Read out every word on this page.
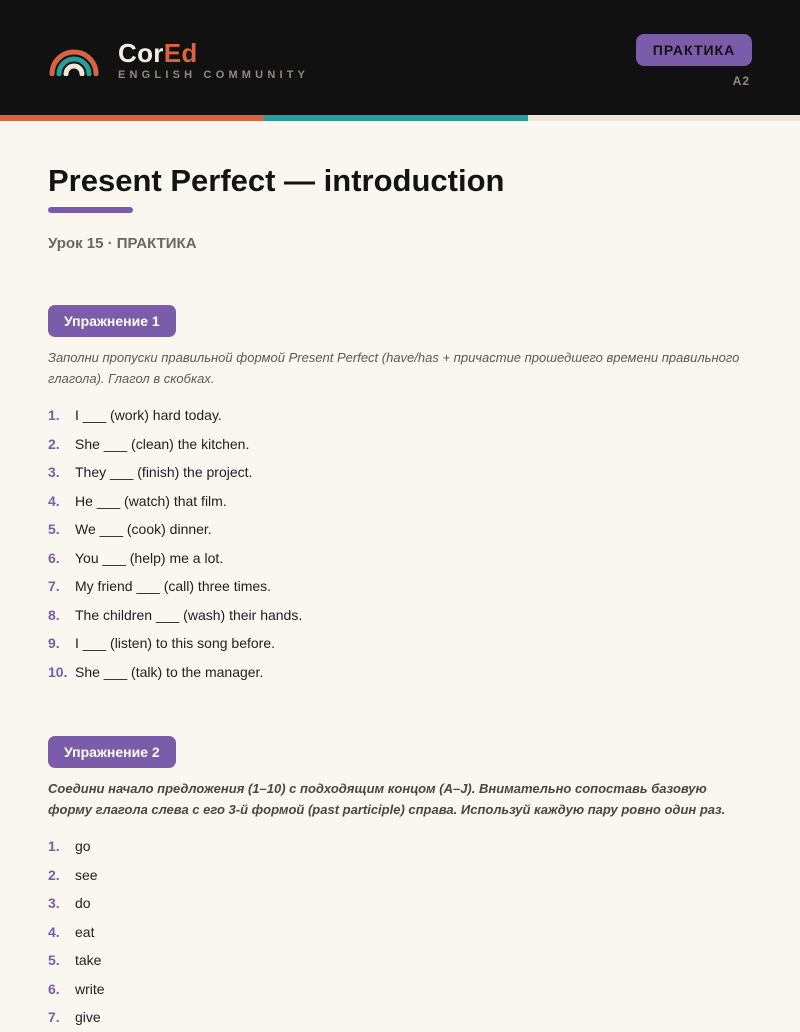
CorEd
ENGLISH COMMUNITY
ПРАКТИКА
A2
Present Perfect — introduction
Урок 15 · ПРАКТИКА
Упражнение 1
Заполни пропуски правильной формой Present Perfect (have/has + причастие прошедшего времени правильного глагола). Глагол в скобках.
1.	I ___ (work) hard today.
2.	She ___ (clean) the kitchen.
3.	They ___ (finish) the project.
4.	He ___ (watch) that film.
5.	We ___ (cook) dinner.
6.	You ___ (help) me a lot.
7.	My friend ___ (call) three times.
8.	The children ___ (wash) their hands.
9.	I ___ (listen) to this song before.
10. She ___ (talk) to the manager.
Упражнение 2
Соедини начало предложения (1–10) с подходящим концом (A–J). Внимательно сопоставь базовую форму глагола слева с его 3-й формой (past participle) справа. Используй каждую пару ровно один раз.
1.	go
2.	see
3.	do
4.	eat
5.	take
6.	write
7.	give
